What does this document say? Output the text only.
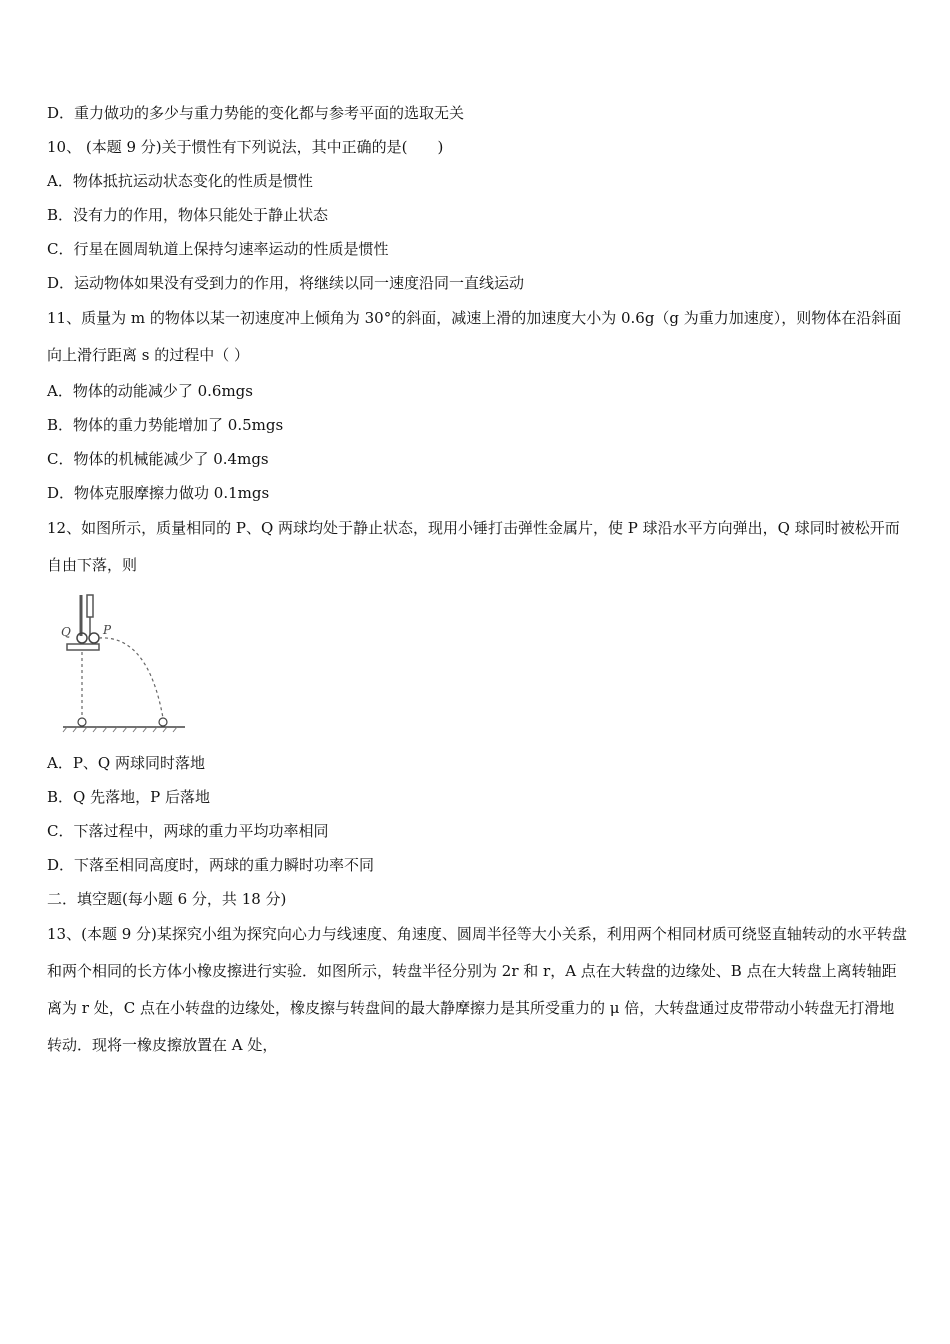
D．重力做功的多少与重力势能的变化都与参考平面的选取无关
10、 (本题 9 分)关于惯性有下列说法，其中正确的是(　　)
A．物体抵抗运动状态变化的性质是惯性
B．没有力的作用，物体只能处于静止状态
C．行星在圆周轨道上保持匀速率运动的性质是惯性
D．运动物体如果没有受到力的作用，将继续以同一速度沿同一直线运动
11、质量为 m 的物体以某一初速度冲上倾角为 30°的斜面，减速上滑的加速度大小为 0.6g（g 为重力加速度），则物体在沿斜面向上滑行距离 s 的过程中（ ）
A．物体的动能减少了 0.6mgs
B．物体的重力势能增加了 0.5mgs
C．物体的机械能减少了 0.4mgs
D．物体克服摩擦力做功 0.1mgs
12、如图所示，质量相同的 P、Q 两球均处于静止状态，现用小锤打击弹性金属片，使 P 球沿水平方向弹出，Q 球同时被松开而自由下落，则
Q	P
A．P、Q 两球同时落地
B．Q 先落地，P 后落地
C．下落过程中，两球的重力平均功率相同
D．下落至相同高度时，两球的重力瞬时功率不同
二．填空题(每小题 6 分，共 18 分)
13、(本题 9 分)某探究小组为探究向心力与线速度、角速度、圆周半径等大小关系，利用两个相同材质可绕竖直轴转动的水平转盘和两个相同的长方体小橡皮擦进行实验．如图所示，转盘半径分别为 2r 和 r，A 点在大转盘的边缘处、B 点在大转盘上离转轴距离为 r 处，C 点在小转盘的边缘处，橡皮擦与转盘间的最大静摩擦力是其所受重力的 μ 倍，大转盘通过皮带带动小转盘无打滑地转动．现将一橡皮擦放置在 A 处，
